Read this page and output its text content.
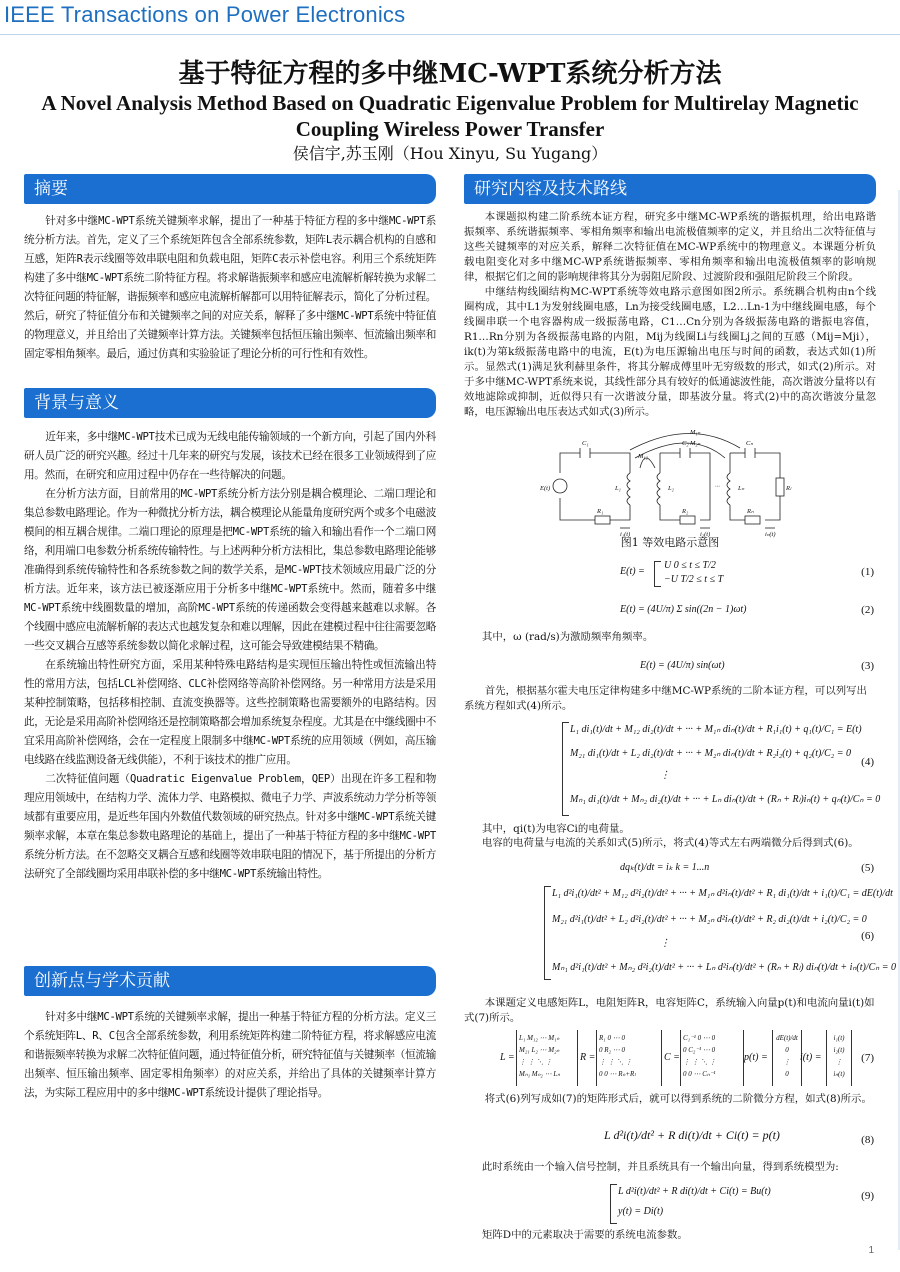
IEEE Transactions on Power Electronics
基于特征方程的多中继MC-WPT系统分析方法
A Novel Analysis Method Based on Quadratic Eigenvalue Problem for Multirelay Magnetic Coupling Wireless Power Transfer
侯信宇,苏玉刚（Hou Xinyu, Su Yugang）
摘要

针对多中继MC-WPT系统关键频率求解，提出了一种基于特征方程的多中继MC-WPT系统分析方法。首先，定义了三个系统矩阵包含全部系统参数，矩阵L表示耦合机构的自感和互感，矩阵R表示线圈等效串联电阻和负载电阻，矩阵C表示补偿电容。利用三个系统矩阵构建了多中继MC-WPT系统二阶特征方程。将求解谐振频率和感应电流解析解转换为求解二次特征问题的特征解，谐振频率和感应电流解析解都可以用特征解表示，简化了分析过程。然后，研究了特征值分布和关键频率之间的对应关系，解释了多中继MC-WPT系统中特征值的物理意义，并且给出了关键频率计算方法。关键频率包括恒压输出频率、恒流输出频率和固定零相角频率。最后，通过仿真和实验验证了理论分析的可行性和有效性。

背景与意义

近年来，多中继MC-WPT技术已成为无线电能传输领域的一个新方向，引起了国内外科研人员广泛的研究兴趣。经过十几年来的研究与发展，该技术已经在很多工业领域得到了应用。然而，在研究和应用过程中仍存在一些待解决的问题。

在分析方法方面，目前常用的MC-WPT系统分析方法分别是耦合模理论、二端口理论和集总参数电路理论。作为一种微扰分析方法，耦合模理论从能量角度研究两个或多个电磁波模间的相互耦合规律。二端口理论的原理是把MC-WPT系统的输入和输出看作一个二端口网络，利用端口电参数分析系统传输特性。与上述两种分析方法相比，集总参数电路理论能够准确得到系统传输特性和各系统参数之间的数学关系，是MC-WPT技术领域应用最广泛的分析方法。近年来，该方法已被逐渐应用于分析多中继MC-WPT系统中。然而，随着多中继MC-WPT系统中线圈数量的增加，高阶MC-WPT系统的传递函数会变得越来越难以求解。各个线圈中感应电流解析解的表达式也越发复杂和难以理解，因此在建模过程中往往需要忽略一些交叉耦合互感等系统参数以简化求解过程，这可能会导致建模结果不精确。

在系统输出特性研究方面，采用某种特殊电路结构是实现恒压输出特性或恒流输出特性的常用方法，包括LCL补偿网络、CLC补偿网络等高阶补偿网络。另一种常用方法是采用某种控制策略，包括移相控制、直流变换器等。这些控制策略也需要额外的电路结构。因此，无论是采用高阶补偿网络还是控制策略都会增加系统复杂程度。尤其是在中继线圈中不宜采用高阶补偿网络，会在一定程度上限制多中继MC-WPT系统的应用领域（例如，高压输电线路在线监测设备无线供能），不利于该技术的推广应用。

二次特征值问题（Quadratic Eigenvalue Problem，QEP）出现在许多工程和物理应用领域中，在结构力学、流体力学、电路模拟、微电子力学、声波系统动力学分析等领域都有重要应用，是近些年国内外数值代数领域的研究热点。针对多中继MC-WPT系统关键频率求解，本章在集总参数电路理论的基础上，提出了一种基于特征方程的多中继MC-WPT系统分析方法。在不忽略交叉耦合互感和线圈等效串联电阻的情况下，基于所提出的分析方法研究了全部线圈均采用串联补偿的多中继MC-WPT系统输出特性。

创新点与学术贡献

针对多中继MC-WPT系统的关键频率求解，提出一种基于特征方程的分析方法。定义三个系统矩阵L、R、C包含全部系统参数，利用系统矩阵构建二阶特征方程，将求解感应电流和谐振频率转换为求解二次特征值问题，通过特征值分析，研究特征值与关键频率（恒流输出频率、恒压输出频率、固定零相角频率）的对应关系，并给出了具体的关键频率计算方法，为实际工程应用中的多中继MC-WPT系统设计提供了理论指导。

研究内容及技术路线

本课题拟构建二阶系统本证方程，研究多中继MC-WP系统的谐振机理，给出电路谐振频率、系统谐振频率、零相角频率和输出电流极值频率的定义，并且给出二次特征值与这些关键频率的对应关系，解释二次特征值在MC-WP系统中的物理意义。本课题分析负载电阻变化对多中继MC-WP系统谐振频率、零相角频率和输出电流极值频率的影响规律，根据它们之间的影响规律将其分为弱阻尼阶段、过渡阶段和强阻尼阶段三个阶段。

中继结构线圈结构MC-WPT系统等效电路示意图如图2所示。系统耦合机构由n个线圈构成，其中L1为发射线圈电感，Ln为接受线圈电感，L2…Ln-1为中继线圈电感，每个线圈串联一个电容器构成一级振荡电路，C1…Cn分别为各级振荡电路的谐振电容值，R1…Rn分别为各级振荡电路的内阻，Mij为线圈Li与线圈Lj之间的互感（Mij=Mji），ik(t)为第k级振荡电路中的电流，E(t)为电压源输出电压与时间的函数，表达式如(1)所示。显然式(1)满足狄利赫里条件，将其分解成傅里叶无穷级数的形式，如式(2)所示。对于多中继MC-WPT系统来说，其线性部分具有较好的低通滤波性能，高次谐波分量将以有效地滤除或抑制，近似得只有一次谐波分量，即基波分量。将式(2)中的高次谐波分量忽略，电压源输出电压表达式如式(3)所示。

M₁ₙ
M₂ₙ
M₁₂
C₁	C₂	Cₙ
E(t)	L₁	L₂	Lₙ	Rₗ
R₁	R₂	Rₙ
i₁(t)	i₂(t)	iₙ(t)
···
图1 等效电路示意图
E(t) =
U 0 ≤ t ≤ T/2
−U T/2 ≤ t ≤ T
(1)
E(t) = (4U/π) Σ sin((2n − 1)ωt)	(2)
其中，ω (rad/s)为激励频率角频率。
E(t) = (4U/π) sin(ωt)	(3)
首先，根据基尔霍夫电压定律构建多中继MC-WP系统的二阶本证方程，可以列写出系统方程如式(4)所示。
L₁ di₁(t)/dt + M₁₂ di₂(t)/dt + ··· + M₁ₙ diₙ(t)/dt + R₁i₁(t) + q₁(t)/C₁ = E(t)
M₂₁ di₁(t)/dt + L₂ di₂(t)/dt + ··· + M₂ₙ diₙ(t)/dt + R₂i₂(t) + q₂(t)/C₂ = 0
⋮
Mₙ₁ di₁(t)/dt + Mₙ₂ di₂(t)/dt + ··· + Lₙ diₙ(t)/dt + (Rₙ + Rₗ)iₙ(t) + qₙ(t)/Cₙ = 0
(4)
其中，qi(t)为电容Ci的电荷量。
电容的电荷量与电流的关系如式(5)所示，将式(4)等式左右两端微分后得到式(6)。
dqₖ(t)/dt = iₖ k = 1...n	(5)
L₁ d²i₁(t)/dt² + M₁₂ d²i₂(t)/dt² + ··· + M₁ₙ d²iₙ(t)/dt² + R₁ di₁(t)/dt + i₁(t)/C₁ = dE(t)/dt
M₂₁ d²i₁(t)/dt² + L₂ d²i₂(t)/dt² + ··· + M₂ₙ d²iₙ(t)/dt² + R₂ di₂(t)/dt + i₂(t)/C₂ = 0
⋮
Mₙ₁ d²i₁(t)/dt² + Mₙ₂ d²i₂(t)/dt² + ··· + Lₙ d²iₙ(t)/dt² + (Rₙ + Rₗ) diₙ(t)/dt + iₙ(t)/Cₙ = 0
(6)
本课题定义电感矩阵L，电阻矩阵R，电容矩阵C，系统输入向量p(t)和电流向量i(t)如式(7)所示。
L =
L₁ M₁₂ ⋯ M₁ₙ
M₂₁ L₂ ⋯ M₂ₙ
⋮ ⋮ ⋱ ⋮
Mₙ₁ Mₙ₂ ⋯ Lₙ
R =
R₁ 0 ⋯ 0
0 R₂ ⋯ 0
⋮ ⋮ ⋱ ⋮
0 0 ⋯ Rₙ+Rₗ
C =
C₁⁻¹ 0 ⋯ 0
0 C₂⁻¹ ⋯ 0
⋮ ⋮ ⋱ ⋮
0 0 ⋯ Cₙ⁻¹
p(t) =
dE(t)/dt
0
⋮
0
i(t) =
i₁(t)
i₂(t)
⋮
iₙ(t)
(7)
将式(6)列写成如(7)的矩阵形式后，就可以得到系统的二阶微分方程，如式(8)所示。
L d²i(t)/dt² + R di(t)/dt + Ci(t) = p(t)	(8)
此时系统由一个输入信号控制，并且系统具有一个输出向量，得到系统模型为:
L d²i(t)/dt² + R di(t)/dt + Ci(t) = Bu(t)
y(t) = Di(t)
(9)
矩阵D中的元素取决于需要的系统电流参数。
1
